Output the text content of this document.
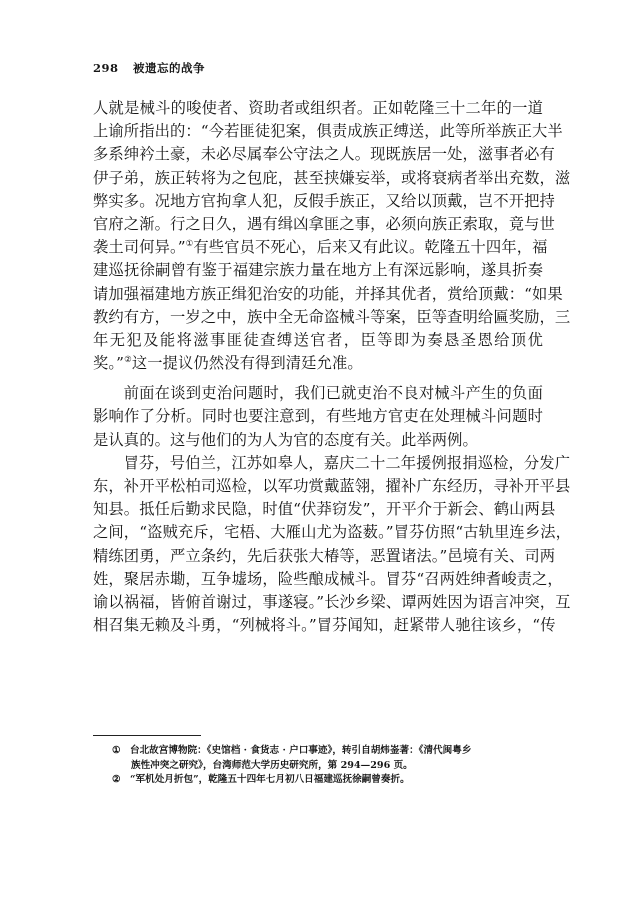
298 被遗忘的战争
人就是械斗的唆使者、资助者或组织者。正如乾隆三十二年的一道
上谕所指出的：“今若匪徒犯案，俱责成族正缚送，此等所举族正大半
多系绅衿土豪，未必尽属奉公守法之人。现既族居一处，滋事者必有
伊子弟，族正转将为之包庇，甚至挟嫌妄举，或将衰病者举出充数，滋
弊实多。况地方官拘拿人犯，反假手族正，又给以顶戴，岂不开把持
官府之渐。行之日久，遇有缉凶拿匪之事，必须向族正索取，竟与世
袭土司何异。”①有些官员不死心，后来又有此议。乾隆五十四年，福
建巡抚徐嗣曾有鉴于福建宗族力量在地方上有深远影响，遂具折奏
请加强福建地方族正缉犯治安的功能，并择其优者，赏给顶戴：“如果
教约有方，一岁之中，族中全无命盗械斗等案，臣等查明给匾奖励，三
年无犯及能将滋事匪徒查缚送官者，臣等即为奏恳圣恩给顶优
奖。”②这一提议仍然没有得到清廷允准。
前面在谈到吏治问题时，我们已就吏治不良对械斗产生的负面
影响作了分析。同时也要注意到，有些地方官吏在处理械斗问题时
是认真的。这与他们的为人为官的态度有关。此举两例。
冒芬，号伯兰，江苏如皋人，嘉庆二十二年援例报捐巡检，分发广
东，补开平松柏司巡检，以军功赏戴蓝翎，擢补广东经历，寻补开平县
知县。抵任后勤求民隐，时值“伏莽窃发”，开平介于新会、鹤山两县
之间，“盗贼充斥，宅梧、大雁山尤为盗薮。”冒芬仿照“古轨里连乡法，
精练团勇，严立条约，先后获张大椿等，恶置诸法。”邑境有关、司两
姓，聚居赤墈，互争墟场，险些酿成械斗。冒芬“召两姓绅耆峻责之，
谕以祸福，皆俯首谢过，事遂寝。”长沙乡梁、谭两姓因为语言冲突，互
相召集无赖及斗勇，“列械将斗。”冒芬闻知，赶紧带人驰往该乡，“传
① 台北故宫博物院：《史馆档 · 食货志 · 户口事迹》，转引自胡炜崟著：《清代闽粤乡
族性冲突之研究》，台湾师范大学历史研究所，第 294—296 页。
② “军机处月折包”，乾隆五十四年七月初八日福建巡抚徐嗣曾奏折。
